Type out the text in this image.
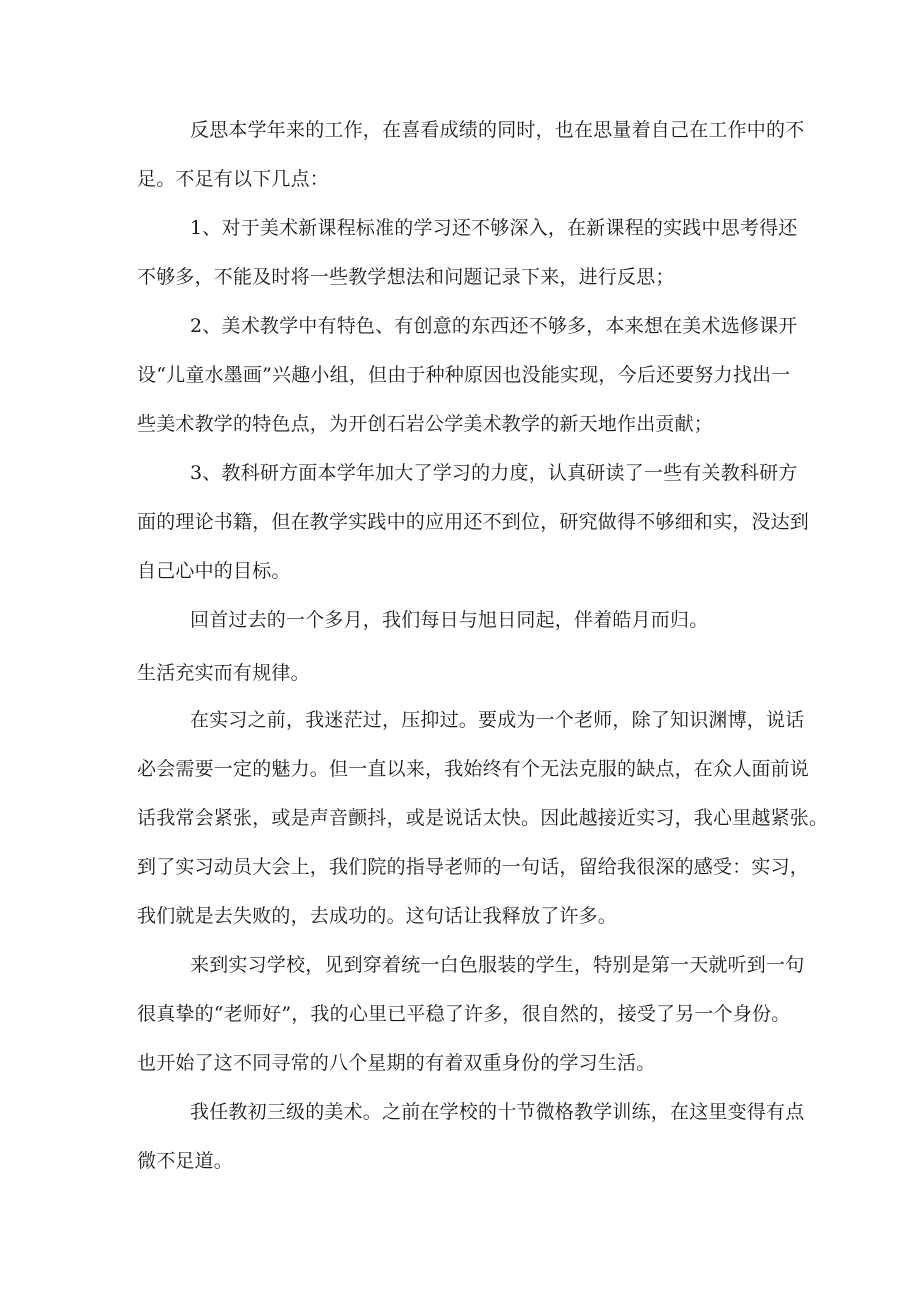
反思本学年来的工作，在喜看成绩的同时，也在思量着自己在工作中的不
足。不足有以下几点：
1、对于美术新课程标准的学习还不够深入，在新课程的实践中思考得还
不够多，不能及时将一些教学想法和问题记录下来，进行反思；
2、美术教学中有特色、有创意的东西还不够多，本来想在美术选修课开
设“儿童水墨画”兴趣小组，但由于种种原因也没能实现，今后还要努力找出一
些美术教学的特色点，为开创石岩公学美术教学的新天地作出贡献；
3、教科研方面本学年加大了学习的力度，认真研读了一些有关教科研方
面的理论书籍，但在教学实践中的应用还不到位，研究做得不够细和实，没达到
自己心中的目标。
回首过去的一个多月，我们每日与旭日同起，伴着皓月而归。
生活充实而有规律。
在实习之前，我迷茫过，压抑过。要成为一个老师，除了知识渊博，说话
必会需要一定的魅力。但一直以来，我始终有个无法克服的缺点，在众人面前说
话我常会紧张，或是声音颤抖，或是说话太快。因此越接近实习，我心里越紧张。
到了实习动员大会上，我们院的指导老师的一句话，留给我很深的感受：实习，
我们就是去失败的，去成功的。这句话让我释放了许多。
来到实习学校，见到穿着统一白色服装的学生，特别是第一天就听到一句
很真挚的“老师好”，我的心里已平稳了许多，很自然的，接受了另一个身份。
也开始了这不同寻常的八个星期的有着双重身份的学习生活。
我任教初三级的美术。之前在学校的十节微格教学训练，在这里变得有点
微不足道。
